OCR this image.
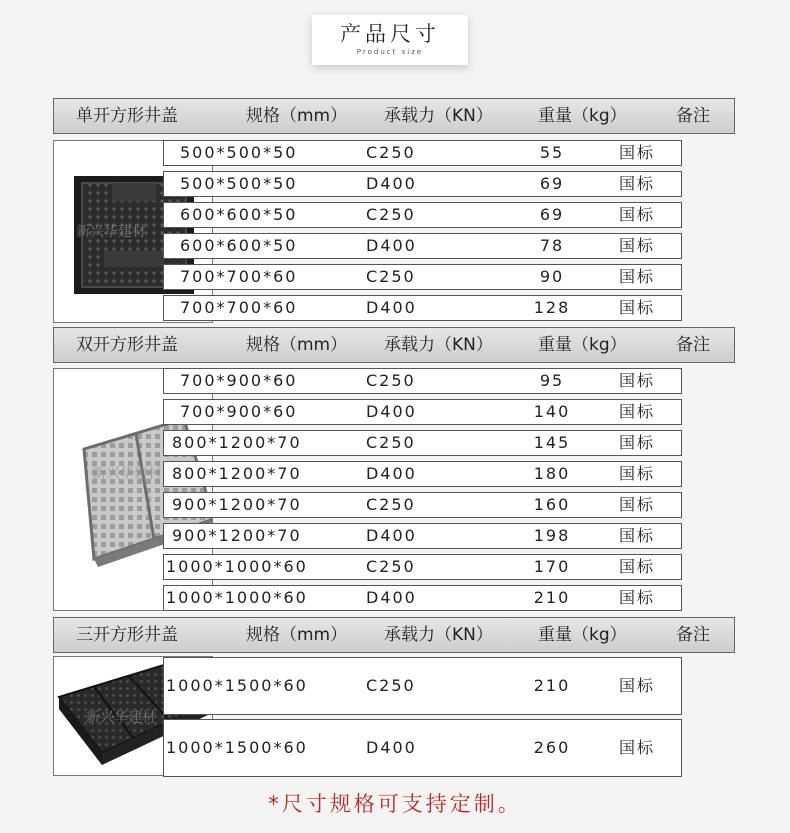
产品尺寸
Product size
单开方形井盖	规格（mm） 承载力（KN）	重量（kg）	备注
新兴华建材
500*500*50	C250	55	国标
500*500*50	D400	69	国标
600*600*50	C250	69	国标
600*600*50	D400	78	国标
700*700*60	C250	90	国标
700*700*60	D400	128	国标
双开方形井盖	规格（mm） 承载力（KN）	重量（kg）	备注
新兴华建材
700*900*60	C250	95	国标
700*900*60	D400	140	国标
800*1200*70	C250	145	国标
800*1200*70	D400	180	国标
900*1200*70	C250	160	国标
900*1200*70	D400	198	国标
1000*1000*60	C250	170	国标
1000*1000*60	D400	210	国标
三开方形井盖	规格（mm） 承载力（KN）	重量（kg）	备注
新兴华建材
1000*1500*60	C250	210	国标
1000*1500*60	D400	260	国标
*尺寸规格可支持定制。
